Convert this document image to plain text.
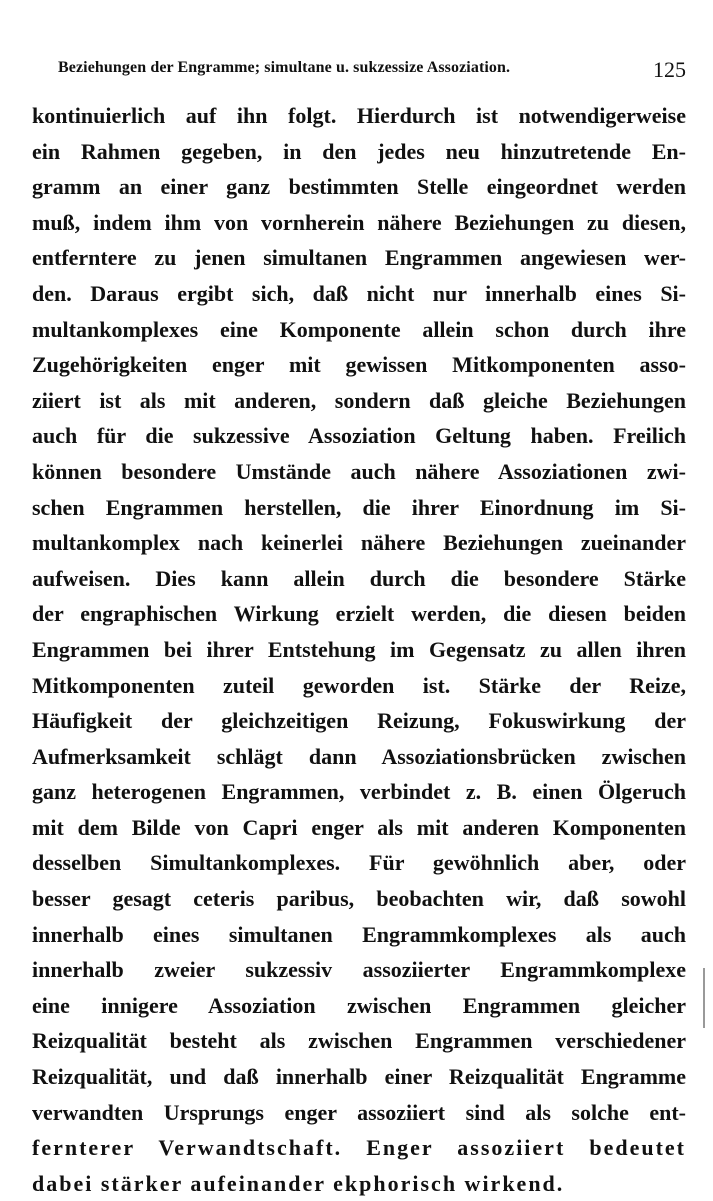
Beziehungen der Engramme; simultane u. sukzessize Assoziation.	125
kontinuierlich auf ihn folgt. Hierdurch ist notwendigerweise
ein Rahmen gegeben, in den jedes neu hinzutretende En-
gramm an einer ganz bestimmten Stelle eingeordnet werden
muß, indem ihm von vornherein nähere Beziehungen zu diesen,
entferntere zu jenen simultanen Engrammen angewiesen wer-
den. Daraus ergibt sich, daß nicht nur innerhalb eines Si-
multankomplexes eine Komponente allein schon durch ihre
Zugehörigkeiten enger mit gewissen Mitkomponenten asso-
ziiert ist als mit anderen, sondern daß gleiche Beziehungen
auch für die sukzessive Assoziation Geltung haben. Freilich
können besondere Umstände auch nähere Assoziationen zwi-
schen Engrammen herstellen, die ihrer Einordnung im Si-
multankomplex nach keinerlei nähere Beziehungen zueinander
aufweisen. Dies kann allein durch die besondere Stärke
der engraphischen Wirkung erzielt werden, die diesen beiden
Engrammen bei ihrer Entstehung im Gegensatz zu allen ihren
Mitkomponenten zuteil geworden ist. Stärke der Reize,
Häufigkeit der gleichzeitigen Reizung, Fokuswirkung der
Aufmerksamkeit schlägt dann Assoziationsbrücken zwischen
ganz heterogenen Engrammen, verbindet z. B. einen Ölgeruch
mit dem Bilde von Capri enger als mit anderen Komponenten
desselben Simultankomplexes. Für gewöhnlich aber, oder
besser gesagt ceteris paribus, beobachten wir, daß sowohl
innerhalb eines simultanen Engrammkomplexes als auch
innerhalb zweier sukzessiv assoziierter Engrammkomplexe
eine innigere Assoziation zwischen Engrammen gleicher
Reizqualität besteht als zwischen Engrammen verschiedener
Reizqualität, und daß innerhalb einer Reizqualität Engramme
verwandten Ursprungs enger assoziiert sind als solche ent-
fernterer Verwandtschaft. Enger assoziiert bedeutet
dabei stärker aufeinander ekphorisch wirkend.
